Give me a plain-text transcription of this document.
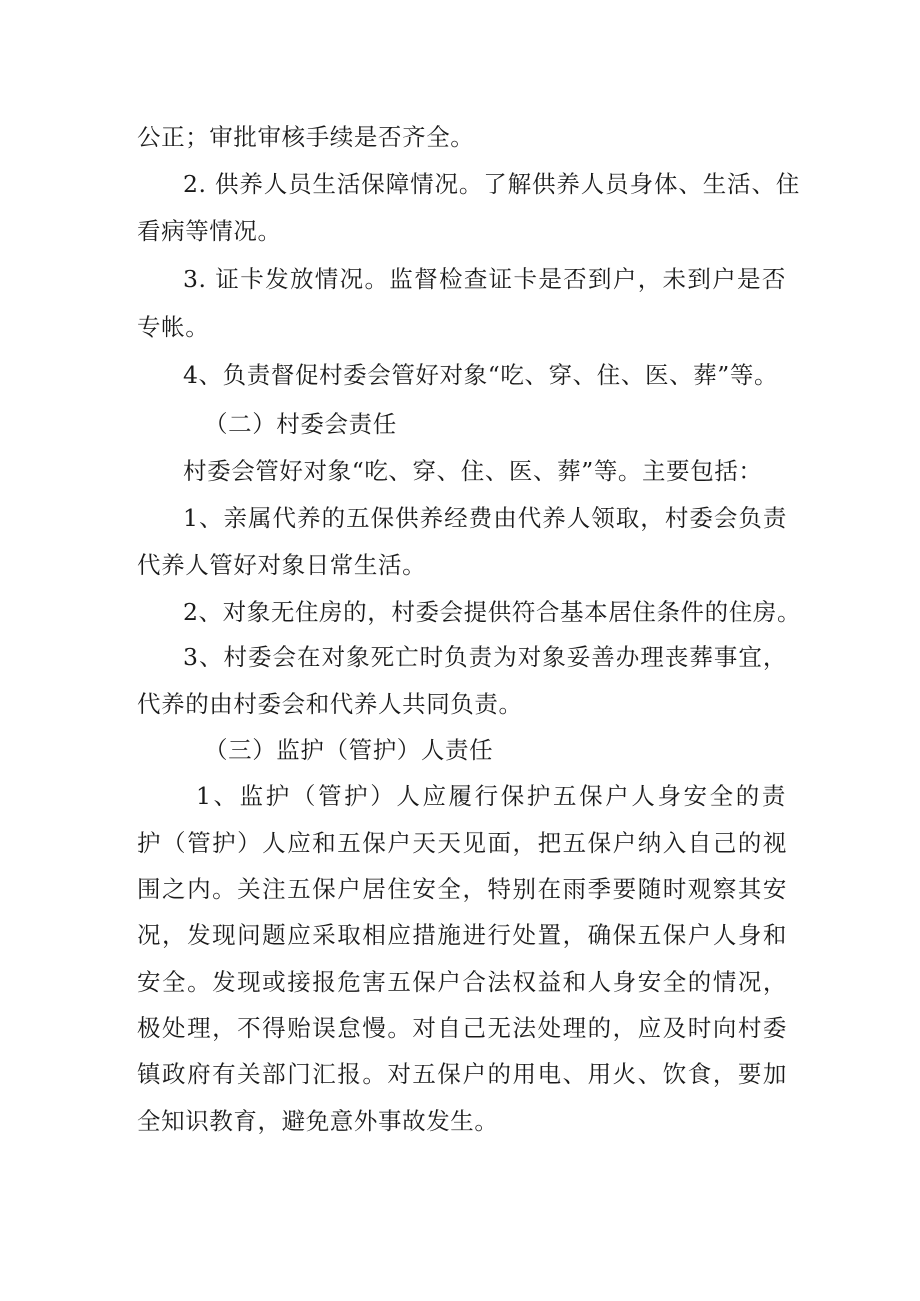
公正；审批审核手续是否齐全。
2. 供养人员生活保障情况。了解供养人员身体、生活、住
看病等情况。
3. 证卡发放情况。监督检查证卡是否到户，未到户是否
专帐。
4、负责督促村委会管好对象“吃、穿、住、医、葬”等。
（二）村委会责任
村委会管好对象“吃、穿、住、医、葬”等。主要包括：
1、亲属代养的五保供养经费由代养人领取，村委会负责
代养人管好对象日常生活。
2、对象无住房的，村委会提供符合基本居住条件的住房。
3、村委会在对象死亡时负责为对象妥善办理丧葬事宜，
代养的由村委会和代养人共同负责。
（三）监护（管护）人责任
1、监护（管护）人应履行保护五保户人身安全的责
护（管护）人应和五保户天天见面，把五保户纳入自己的视
围之内。关注五保户居住安全，特别在雨季要随时观察其安
况，发现问题应采取相应措施进行处置，确保五保户人身和
安全。发现或接报危害五保户合法权益和人身安全的情况，
极处理，不得贻误怠慢。对自己无法处理的，应及时向村委
镇政府有关部门汇报。对五保户的用电、用火、饮食，要加
全知识教育，避免意外事故发生。
